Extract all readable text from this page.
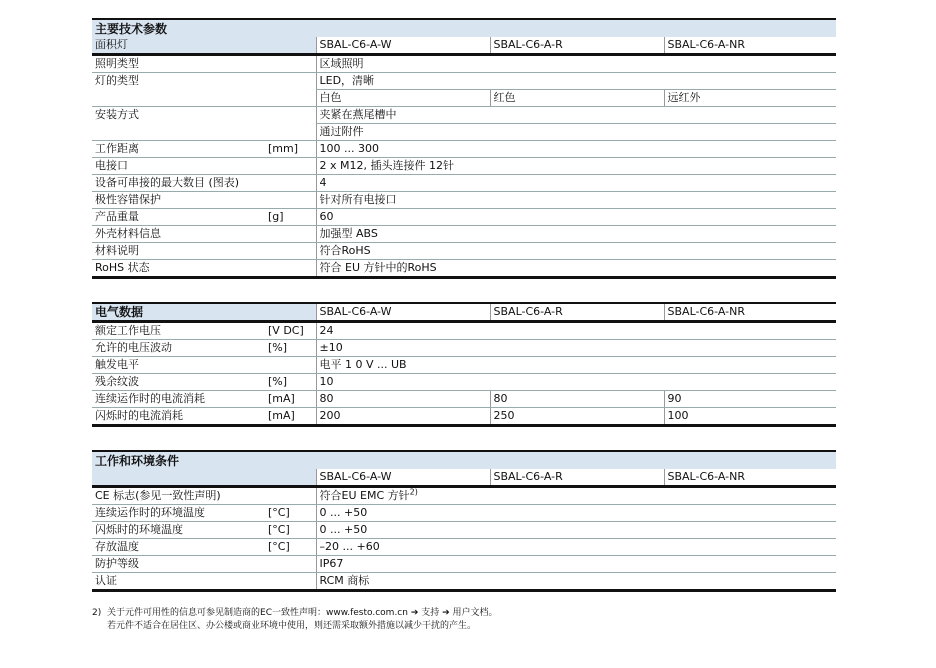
主要技术参数				
面积灯		SBAL-C6-A-W	SBAL-C6-A-R	SBAL-C6-A-NR
照明类型		区域照明		
灯的类型		LED，清晰		
		白色	红色	远红外
安装方式		夹紧在燕尾槽中		
		通过附件		
工作距离	[mm]	100 ... 300		
电接口		2 x M12, 插头连接件 12针		
设备可串接的最大数目 (图表)		4		
极性容错保护		针对所有电接口		
产品重量	[g]	60		
外壳材料信息		加强型 ABS		
材料说明		符合RoHS		
RoHS 状态		符合 EU 方针中的RoHS		
电气数据		SBAL-C6-A-W	SBAL-C6-A-R	SBAL-C6-A-NR
额定工作电压	[V DC]	24		
允许的电压波动	[%]	±10		
触发电平		电平 1 0 V ... UB		
残余纹波	[%]	10		
连续运作时的电流消耗	[mA]	80	80	90
闪烁时的电流消耗	[mA]	200	250	100
工作和环境条件				
		SBAL-C6-A-W	SBAL-C6-A-R	SBAL-C6-A-NR
CE 标志(参见一致性声明)		符合EU EMC 方针$^{2)}$
连续运作时的环境温度	[°C]	0 ... +50		
闪烁时的环境温度	[°C]	0 ... +50		
存放温度	[°C]	–20 ... +60		
防护等级		IP67		
认证		RCM 商标		
2) 关于元件可用性的信息可参见制造商的EC一致性声明：www.festo.com.cn ➔ 支持 ➔ 用户文档。
若元件不适合在居住区、办公楼或商业环境中使用，则还需采取额外措施以减少干扰的产生。
